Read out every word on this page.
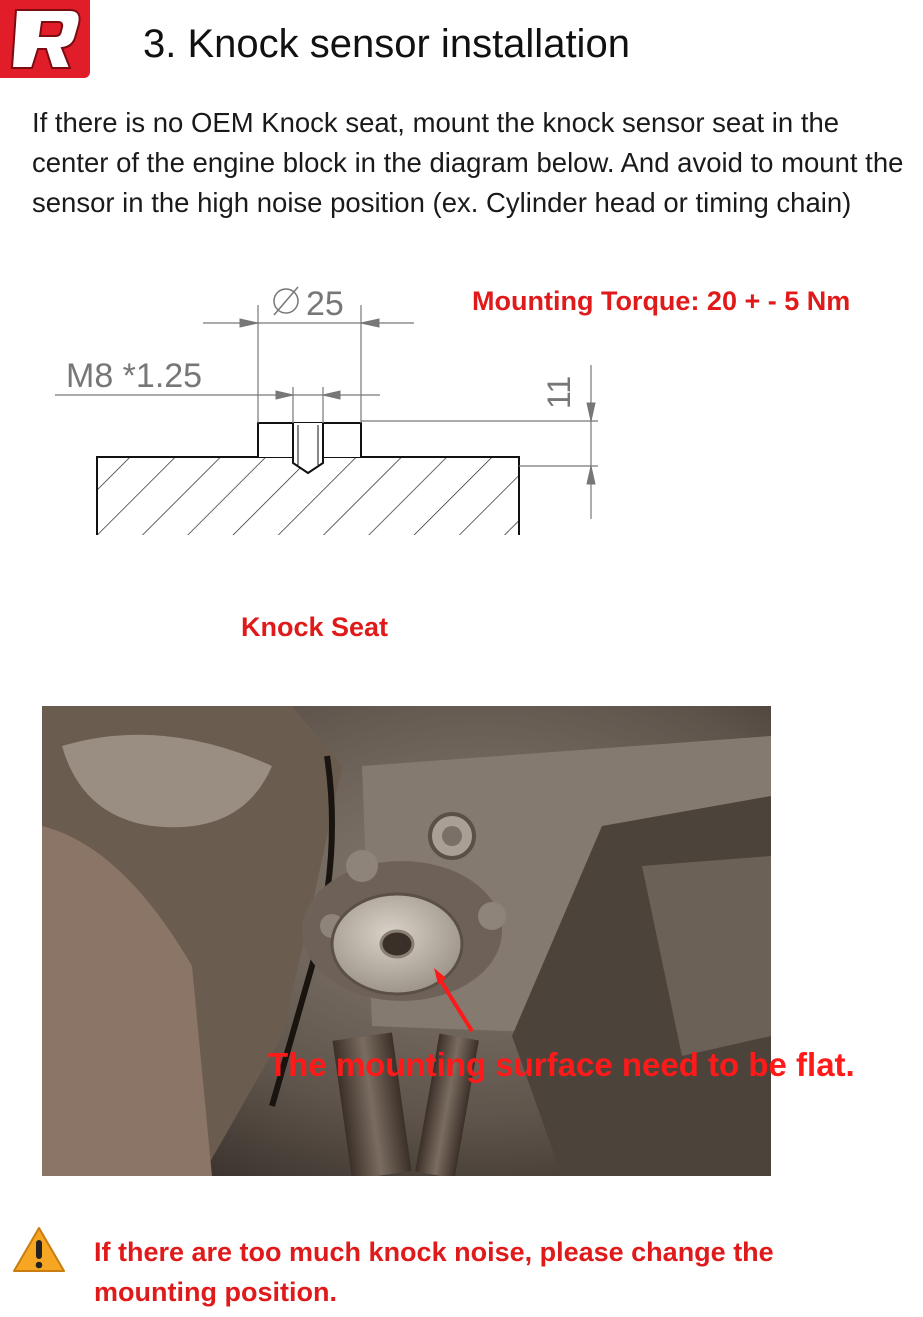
3. Knock sensor installation
If there is no OEM Knock seat, mount the knock sensor seat in the center of the engine block in the diagram below. And avoid to mount the sensor in the high noise position (ex. Cylinder head or timing chain)
Mounting Torque: 20 + - 5 Nm
25
M8 *1.25	11
Knock Seat
The mounting surface need to be flat.
If there are too much knock noise, please change the mounting position.
